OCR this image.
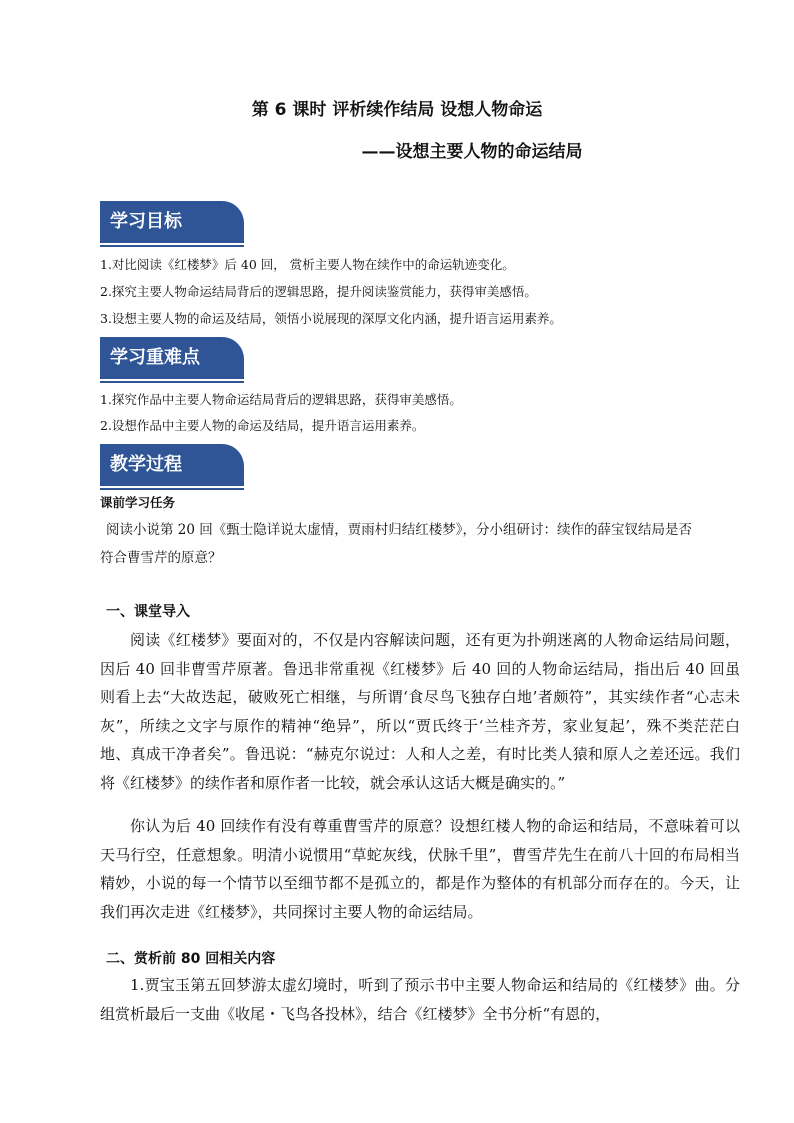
第 6 课时 评析续作结局 设想人物命运
——设想主要人物的命运结局
学习目标
1.对比阅读《红楼梦》后 40 回， 赏析主要人物在续作中的命运轨迹变化。
2.探究主要人物命运结局背后的逻辑思路，提升阅读鉴赏能力，获得审美感悟。
3.设想主要人物的命运及结局，领悟小说展现的深厚文化内涵，提升语言运用素养。
学习重难点
1.探究作品中主要人物命运结局背后的逻辑思路，获得审美感悟。
2.设想作品中主要人物的命运及结局，提升语言运用素养。
教学过程
课前学习任务
阅读小说第 20 回《甄士隐详说太虚情，贾雨村归结红楼梦》，分小组研讨：续作的薛宝钗结局是否符合曹雪芹的原意？
一、课堂导入
阅读《红楼梦》要面对的，不仅是内容解读问题，还有更为扑朔迷离的人物命运结局问题，因后 40 回非曹雪芹原著。鲁迅非常重视《红楼梦》后 40 回的人物命运结局，指出后 40 回虽则看上去“大故迭起，破败死亡相继，与所谓‘食尽鸟飞独存白地’者颇符”，其实续作者“心志未灰”，所续之文字与原作的精神“绝异”，所以“贾氏终于‘兰桂齐芳，家业复起’，殊不类茫茫白地、真成干净者矣”。鲁迅说：“赫克尔说过：人和人之差，有时比类人猿和原人之差还远。我们将《红楼梦》的续作者和原作者一比较，就会承认这话大概是确实的。”
你认为后 40 回续作有没有尊重曹雪芹的原意？设想红楼人物的命运和结局，不意味着可以天马行空，任意想象。明清小说惯用“草蛇灰线，伏脉千里”，曹雪芹先生在前八十回的布局相当精妙，小说的每一个情节以至细节都不是孤立的，都是作为整体的有机部分而存在的。今天，让我们再次走进《红楼梦》，共同探讨主要人物的命运结局。
二、赏析前 80 回相关内容
1.贾宝玉第五回梦游太虚幻境时，听到了预示书中主要人物命运和结局的《红楼梦》曲。分组赏析最后一支曲《收尾・飞鸟各投林》，结合《红楼梦》全书分析“有恩的，
